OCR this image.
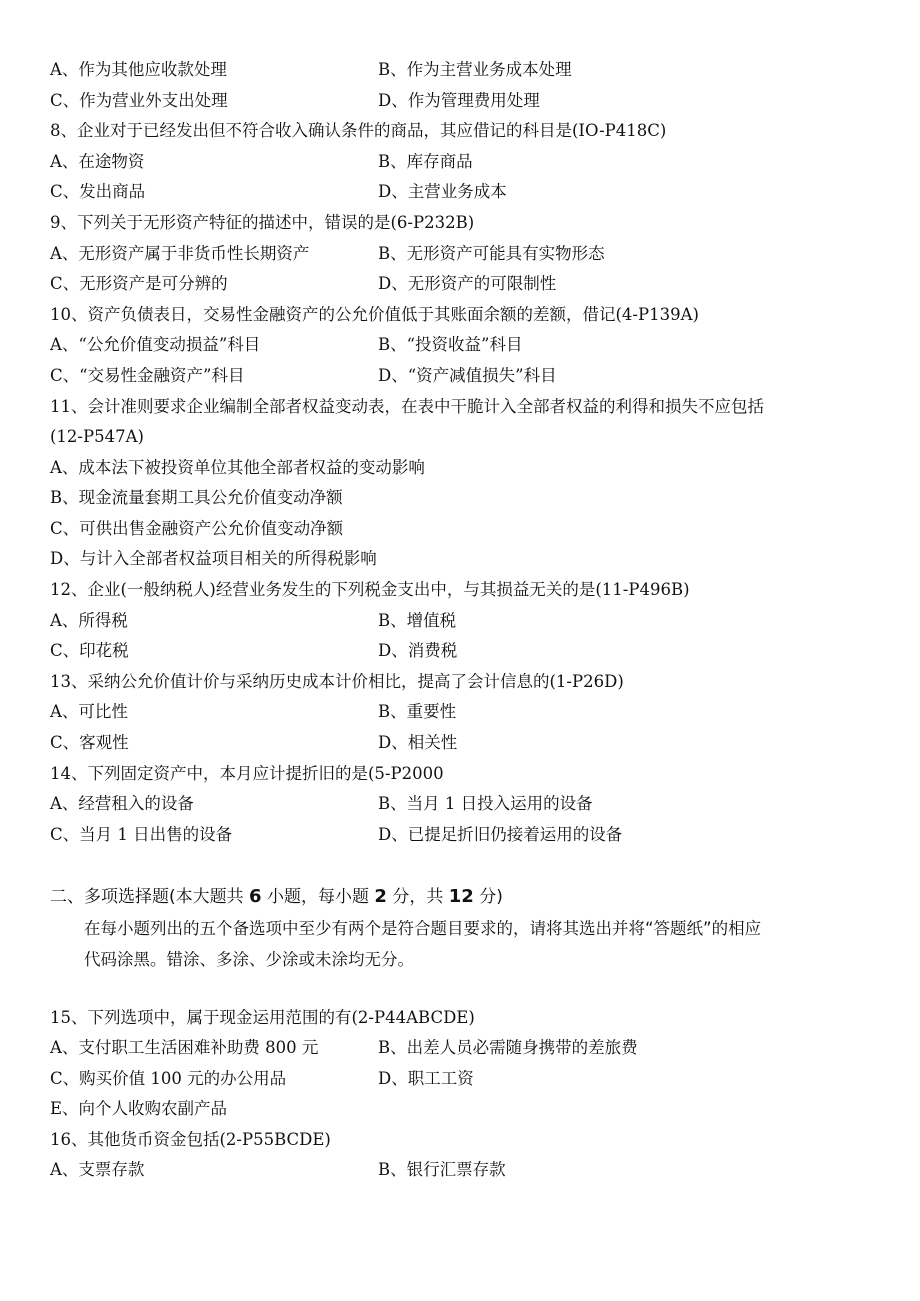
A、作为其他应收款处理	B、作为主营业务成本处理
C、作为营业外支出处理	D、作为管理费用处理
8、企业对于已经发出但不符合收入确认条件的商品，其应借记的科目是(IO-P418C)
A、在途物资	B、库存商品
C、发出商品	D、主营业务成本
9、下列关于无形资产特征的描述中，错误的是(6-P232B)
A、无形资产属于非货币性长期资产	B、无形资产可能具有实物形态
C、无形资产是可分辨的	D、无形资产的可限制性
10、资产负债表日，交易性金融资产的公允价值低于其账面余额的差额，借记(4-P139A)
A、“公允价值变动损益”科目	B、“投资收益”科目
C、“交易性金融资产”科目	D、“资产减值损失”科目
11、会计准则要求企业编制全部者权益变动表，在表中干脆计入全部者权益的利得和损失不应包括
(12-P547A)
A、成本法下被投资单位其他全部者权益的变动影响
B、现金流量套期工具公允价值变动净额
C、可供出售金融资产公允价值变动净额
D、与计入全部者权益项目相关的所得税影响
12、企业(一般纳税人)经营业务发生的下列税金支出中，与其损益无关的是(11-P496B)
A、所得税	B、增值税
C、印花税	D、消费税
13、采纳公允价值计价与采纳历史成本计价相比，提高了会计信息的(1-P26D)
A、可比性	B、重要性
C、客观性	D、相关性
14、下列固定资产中，本月应计提折旧的是(5-P2000
A、经营租入的设备	B、当月 1 日投入运用的设备
C、当月 1 日出售的设备	D、已提足折旧仍接着运用的设备
二、多项选择题(本大题共 6 小题，每小题 2 分，共 12 分)
在每小题列出的五个备选项中至少有两个是符合题目要求的，请将其选出并将“答题纸”的相应
代码涂黑。错涂、多涂、少涂或未涂均无分。
15、下列选项中，属于现金运用范围的有(2-P44ABCDE)
A、支付职工生活困难补助费 800 元	B、出差人员必需随身携带的差旅费
C、购买价值 100 元的办公用品	D、职工工资
E、向个人收购农副产品
16、其他货币资金包括(2-P55BCDE)
A、支票存款	B、银行汇票存款
